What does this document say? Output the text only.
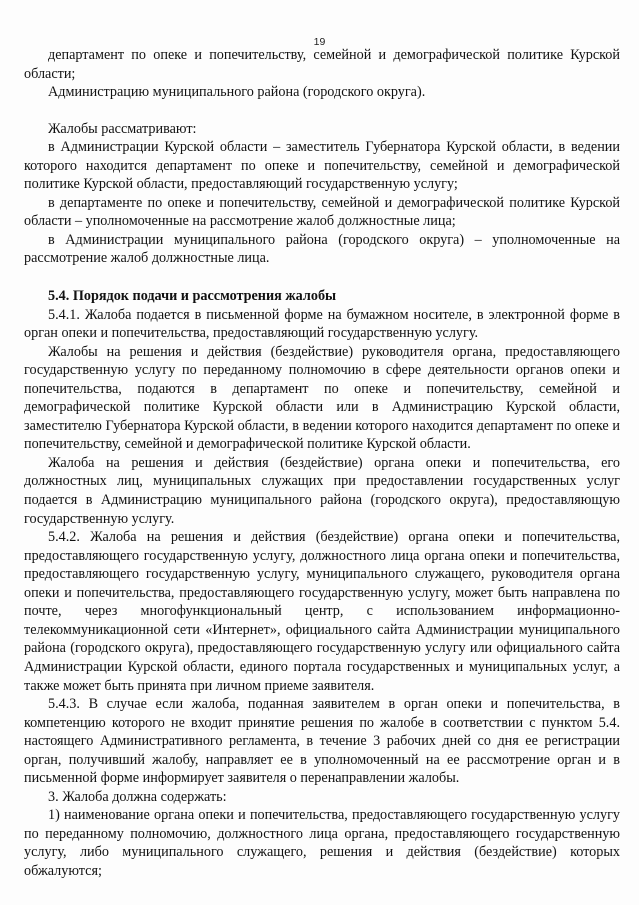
19

департамент по опеке и попечительству, семейной и демографической политике Курской области;

Администрацию муниципального района (городского округа).

Жалобы рассматривают:

в Администрации Курской области – заместитель Губернатора Курской области, в ведении которого находится департамент по опеке и попечительству, семейной и демографической политике Курской области, предоставляющий государственную услугу;

в департаменте по опеке и попечительству, семейной и демографической политике Курской области – уполномоченные на рассмотрение жалоб должностные лица;

в Администрации муниципального района (городского округа) – уполномоченные на рассмотрение жалоб должностные лица.

5.4. Порядок подачи и рассмотрения жалобы

5.4.1. Жалоба подается в письменной форме на бумажном носителе, в электронной форме в орган опеки и попечительства, предоставляющий государственную услугу.

Жалобы на решения и действия (бездействие) руководителя органа, предоставляющего государственную услугу по переданному полномочию в сфере деятельности органов опеки и попечительства, подаются в департамент по опеке и попечительству, семейной и демографической политике Курской области или в Администрацию Курской области, заместителю Губернатора Курской области, в ведении которого находится департамент по опеке и попечительству, семейной и демографической политике Курской области.

Жалоба на решения и действия (бездействие) органа опеки и попечительства, его должностных лиц, муниципальных служащих при предоставлении государственных услуг подается в Администрацию муниципального района (городского округа), предоставляющую государственную услугу.

5.4.2. Жалоба на решения и действия (бездействие) органа опеки и попечительства, предоставляющего государственную услугу, должностного лица органа опеки и попечительства, предоставляющего государственную услугу, муниципального служащего, руководителя органа опеки и попечительства, предоставляющего государственную услугу, может быть направлена по почте, через многофункциональный центр, с использованием информационно-телекоммуникационной сети «Интернет», официального сайта Администрации муниципального района (городского округа), предоставляющего государственную услугу или официального сайта Администрации Курской области, единого портала государственных и муниципальных услуг, а также может быть принята при личном приеме заявителя.

5.4.3. В случае если жалоба, поданная заявителем в орган опеки и попечительства, в компетенцию которого не входит принятие решения по жалобе в соответствии с пунктом 5.4. настоящего Административного регламента, в течение 3 рабочих дней со дня ее регистрации орган, получивший жалобу, направляет ее в уполномоченный на ее рассмотрение орган и в письменной форме информирует заявителя о перенаправлении жалобы.

3. Жалоба должна содержать:

1) наименование органа опеки и попечительства, предоставляющего государственную услугу по переданному полномочию, должностного лица органа, предоставляющего государственную услугу, либо муниципального служащего, решения и действия (бездействие) которых обжалуются;
